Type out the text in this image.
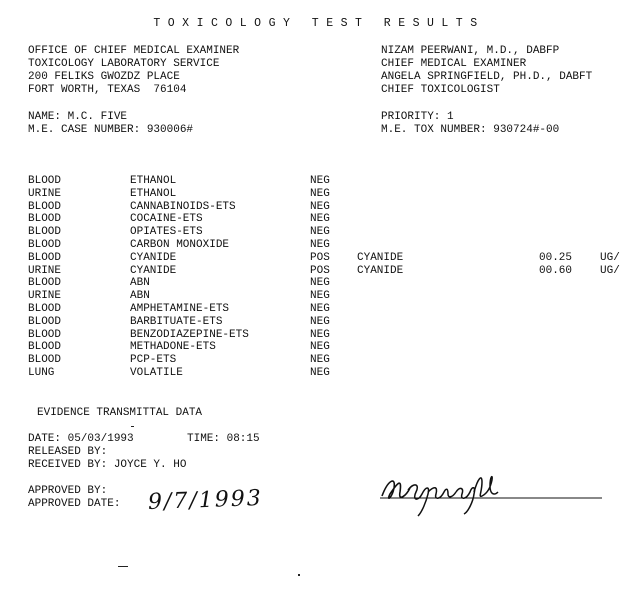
TOXICOLOGY TEST RESULTS
OFFICE OF CHIEF MEDICAL EXAMINER
TOXICOLOGY LABORATORY SERVICE
200 FELIKS GWOZDZ PLACE
FORT WORTH, TEXAS  76104
NIZAM PEERWANI, M.D., DABFP
CHIEF MEDICAL EXAMINER
ANGELA SPRINGFIELD, PH.D., DABFT
CHIEF TOXICOLOGIST
NAME: M.C. FIVE
M.E. CASE NUMBER: 930006#
PRIORITY: 1
M.E. TOX NUMBER: 930724#-00
BLOOD	ETHANOL	NEG
URINE	ETHANOL	NEG
BLOOD	CANNABINOIDS-ETS	NEG
BLOOD	COCAINE-ETS	NEG
BLOOD	OPIATES-ETS	NEG
BLOOD	CARBON MONOXIDE	NEG
BLOOD	CYANIDE	POS CYANIDE	00.25	UG/
URINE	CYANIDE	POS CYANIDE	00.60	UG/
BLOOD	ABN	NEG
URINE	ABN	NEG
BLOOD	AMPHETAMINE-ETS	NEG
BLOOD	BARBITUATE-ETS	NEG
BLOOD	BENZODIAZEPINE-ETS	NEG
BLOOD	METHADONE-ETS	NEG
BLOOD	PCP-ETS	NEG
LUNG	VOLATILE	NEG
EVIDENCE TRANSMITTAL DATA
DATE: 05/03/1993	TIME: 08:15
RELEASED BY:
RECEIVED BY: JOYCE Y. HO
APPROVED BY:
APPROVED DATE: 9/7/1993
